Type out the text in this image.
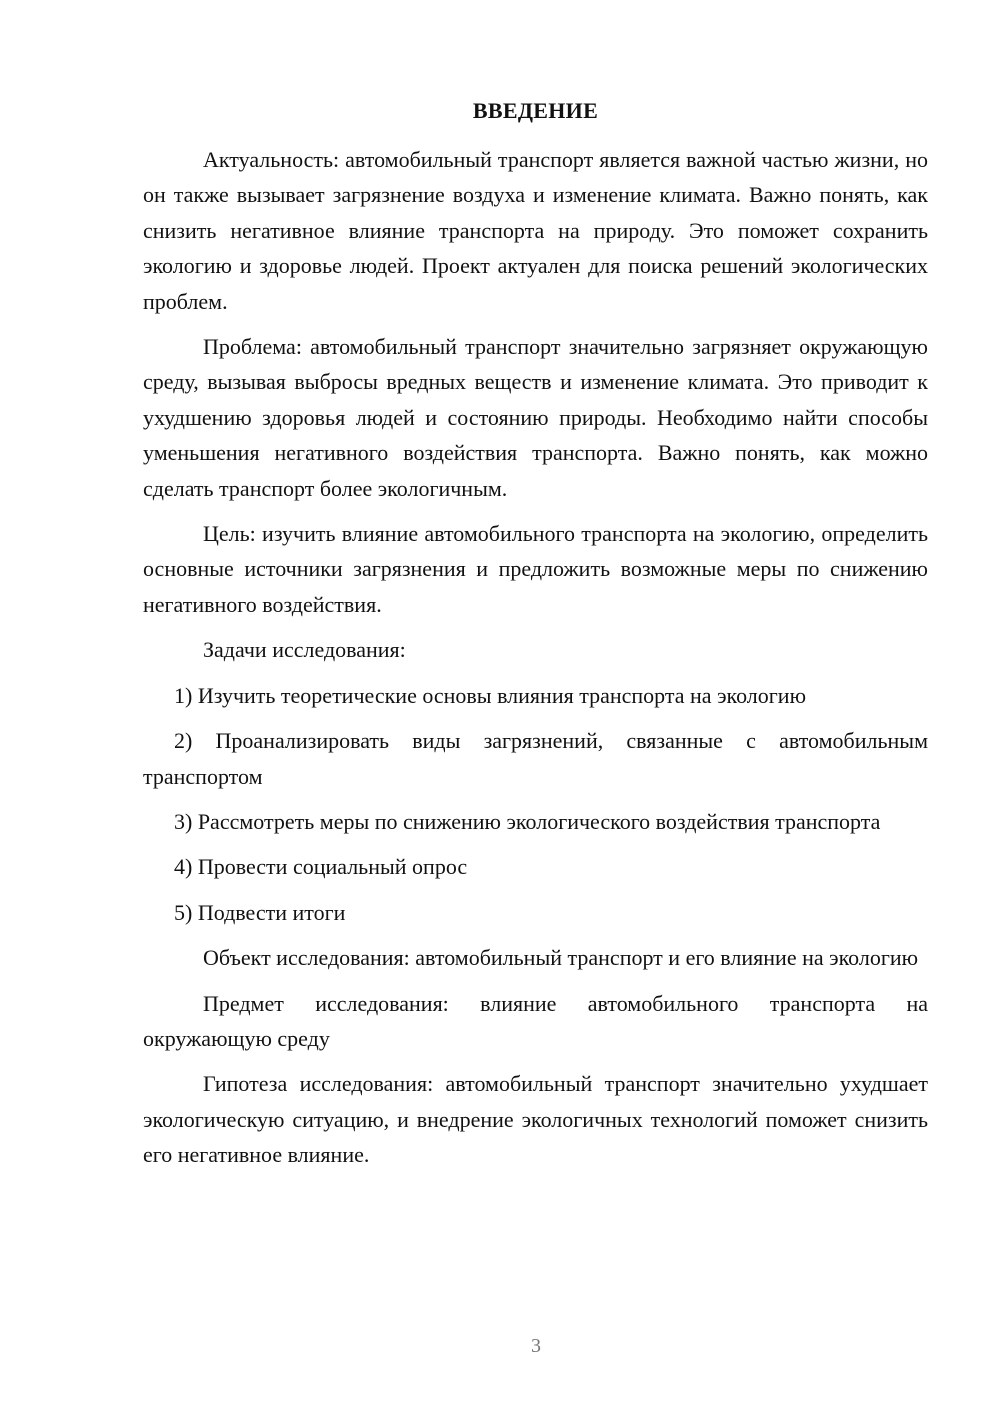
ВВЕДЕНИЕ

Актуальность: автомобильный транспорт является важной частью жизни, но он также вызывает загрязнение воздуха и изменение климата. Важно понять, как снизить негативное влияние транспорта на природу. Это поможет сохранить экологию и здоровье людей. Проект актуален для поиска решений экологических проблем.

Проблема: автомобильный транспорт значительно загрязняет окружающую среду, вызывая выбросы вредных веществ и изменение климата. Это приводит к ухудшению здоровья людей и состоянию природы. Необходимо найти способы уменьшения негативного воздействия транспорта. Важно понять, как можно сделать транспорт более экологичным.

Цель: изучить влияние автомобильного транспорта на экологию, определить основные источники загрязнения и предложить возможные меры по снижению негативного воздействия.

Задачи исследования:

1) Изучить теоретические основы влияния транспорта на экологию

2) Проанализировать виды загрязнений, связанные с автомобильным транспортом

3) Рассмотреть меры по снижению экологического воздействия транспорта

4) Провести социальный опрос

5) Подвести итоги

Объект исследования: автомобильный транспорт и его влияние на экологию

Предмет исследования: влияние автомобильного транспорта на окружающую среду

Гипотеза исследования: автомобильный транспорт значительно ухудшает экологическую ситуацию, и внедрение экологичных технологий поможет снизить его негативное влияние.

3
